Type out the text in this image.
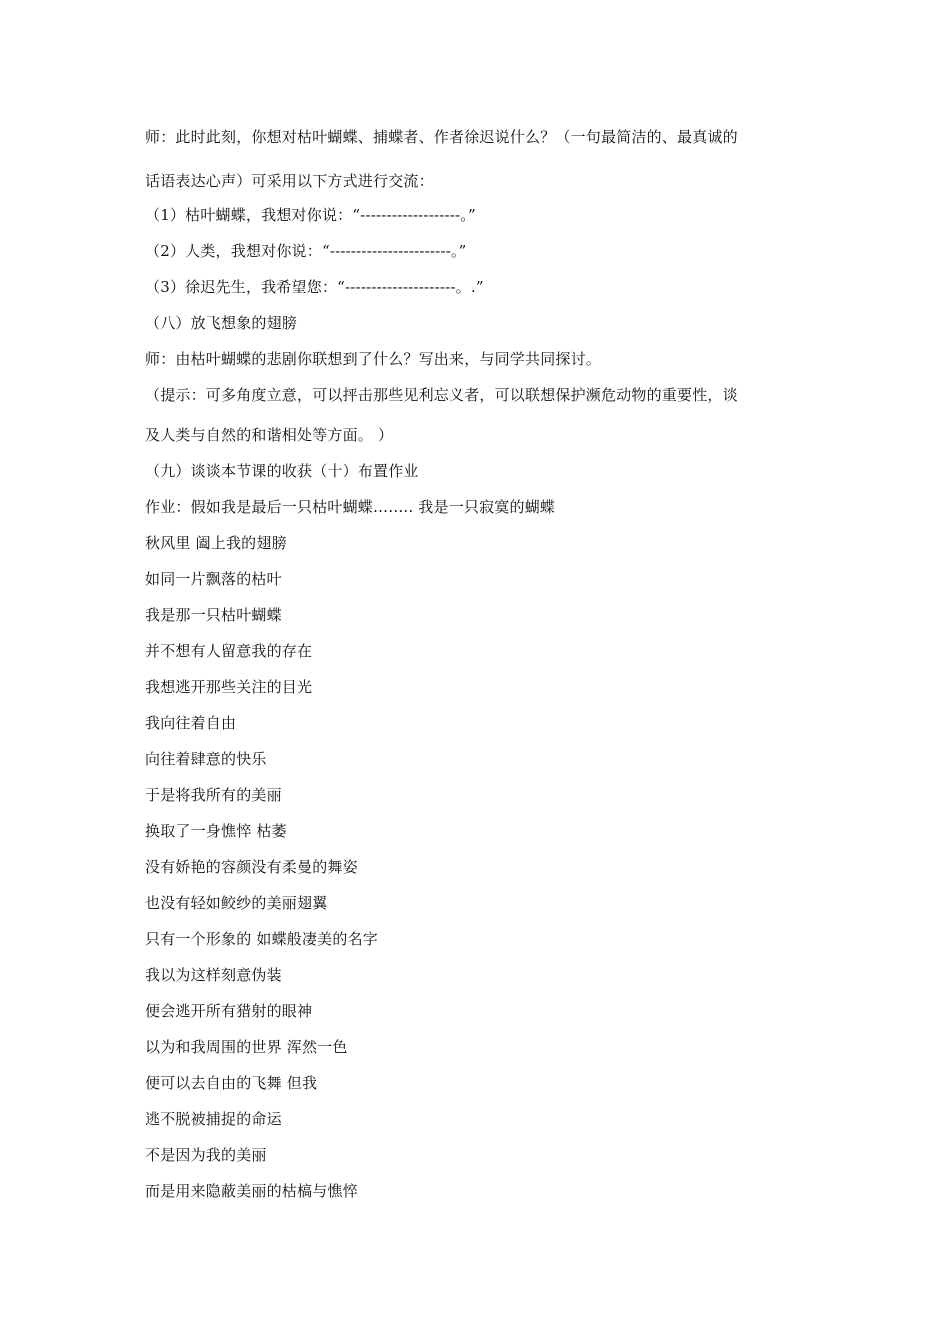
师：此时此刻，你想对枯叶蝴蝶、捕蝶者、作者徐迟说什么？（一句最简洁的、最真诚的
话语表达心声）可采用以下方式进行交流：
（1）枯叶蝴蝶，我想对你说：“-------------------。”
（2）人类，我想对你说：“-----------------------。”
（3）徐迟先生，我希望您：“---------------------。.”
（八）放飞想象的翅膀
师：由枯叶蝴蝶的悲剧你联想到了什么？写出来，与同学共同探讨。
（提示：可多角度立意，可以抨击那些见利忘义者，可以联想保护濒危动物的重要性，谈
及人类与自然的和谐相处等方面。 ）
（九）谈谈本节课的收获（十）布置作业
作业：假如我是最后一只枯叶蝴蝶…….. 我是一只寂寞的蝴蝶
秋风里 阖上我的翅膀
如同一片飘落的枯叶
我是那一只枯叶蝴蝶
并不想有人留意我的存在
我想逃开那些关注的目光
我向往着自由
向往着肆意的快乐
于是将我所有的美丽
换取了一身憔悴 枯萎
没有娇艳的容颜没有柔曼的舞姿
也没有轻如鲛纱的美丽翅翼
只有一个形象的 如蝶般凄美的名字
我以为这样刻意伪装
便会逃开所有猎射的眼神
以为和我周围的世界 浑然一色
便可以去自由的飞舞 但我
逃不脱被捕捉的命运
不是因为我的美丽
而是用来隐蔽美丽的枯槁与憔悴
